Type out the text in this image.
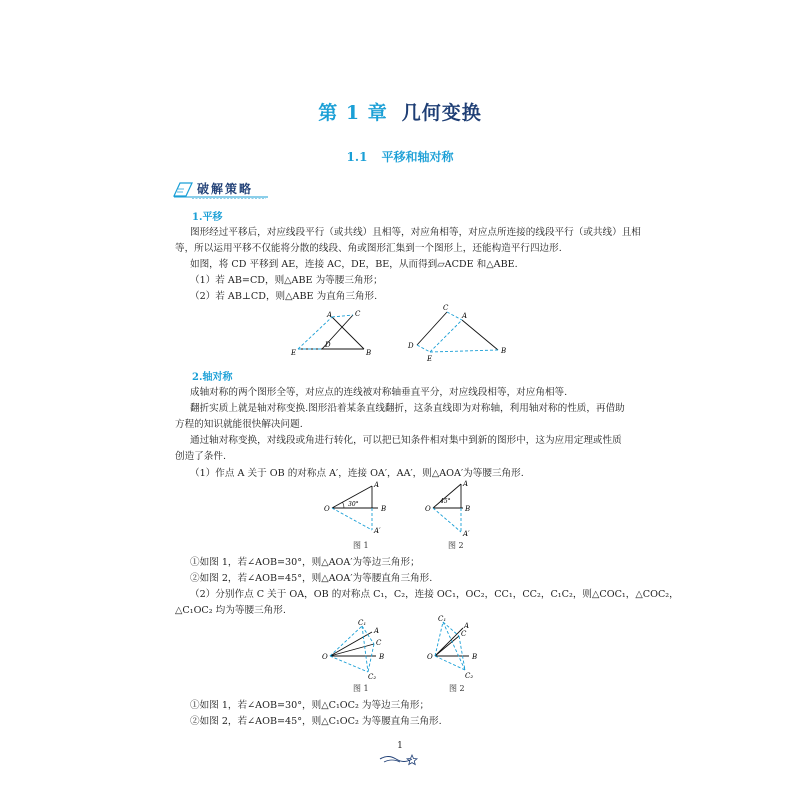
第 1 章 几何变换
1.1 平移和轴对称
破解策略
1.平移
图形经过平移后，对应线段平行（或共线）且相等，对应角相等，对应点所连接的线段平行（或共线）且相
等，所以运用平移不仅能将分散的线段、角或图形汇集到一个图形上，还能构造平行四边形.
如图，将 CD 平移到 AE，连接 AC，DE，BE，从而得到▱ACDE 和△ABE.
（1）若 AB=CD，则△ABE 为等腰三角形；
（2）若 AB⊥CD，则△ABE 为直角三角形.
A	C
D
E	B
C
A
D
E
B
2.轴对称
成轴对称的两个图形全等，对应点的连线被对称轴垂直平分，对应线段相等，对应角相等.
翻折实质上就是轴对称变换.图形沿着某条直线翻折，这条直线即为对称轴，利用轴对称的性质，再借助
方程的知识就能很快解决问题.
通过轴对称变换，对线段或角进行转化，可以把已知条件相对集中到新的图形中，这为应用定理或性质
创造了条件.
（1）作点 A 关于 OB 的对称点 A′，连接 OA′，AA′，则△AOA′为等腰三角形.
30°
O
A
B
A′
图 1
45°
O
A
B
A′
图 2
①如图 1，若∠AOB=30°，则△AOA′为等边三角形；
②如图 2，若∠AOB=45°，则△AOA′为等腰直角三角形.
（2）分别作点 C 关于 OA，OB 的对称点 C₁，C₂，连接 OC₁，OC₂，CC₁，CC₂，C₁C₂，则△COC₁，△COC₂，
△C₁OC₂ 均为等腰三角形.
O
C₁
A
C
B
C₂
图 1
O
C₁
A
C
B
C₂
图 2
①如图 1，若∠AOB=30°，则△C₁OC₂ 为等边三角形；
②如图 2，若∠AOB=45°，则△C₁OC₂ 为等腰直角三角形.
1
